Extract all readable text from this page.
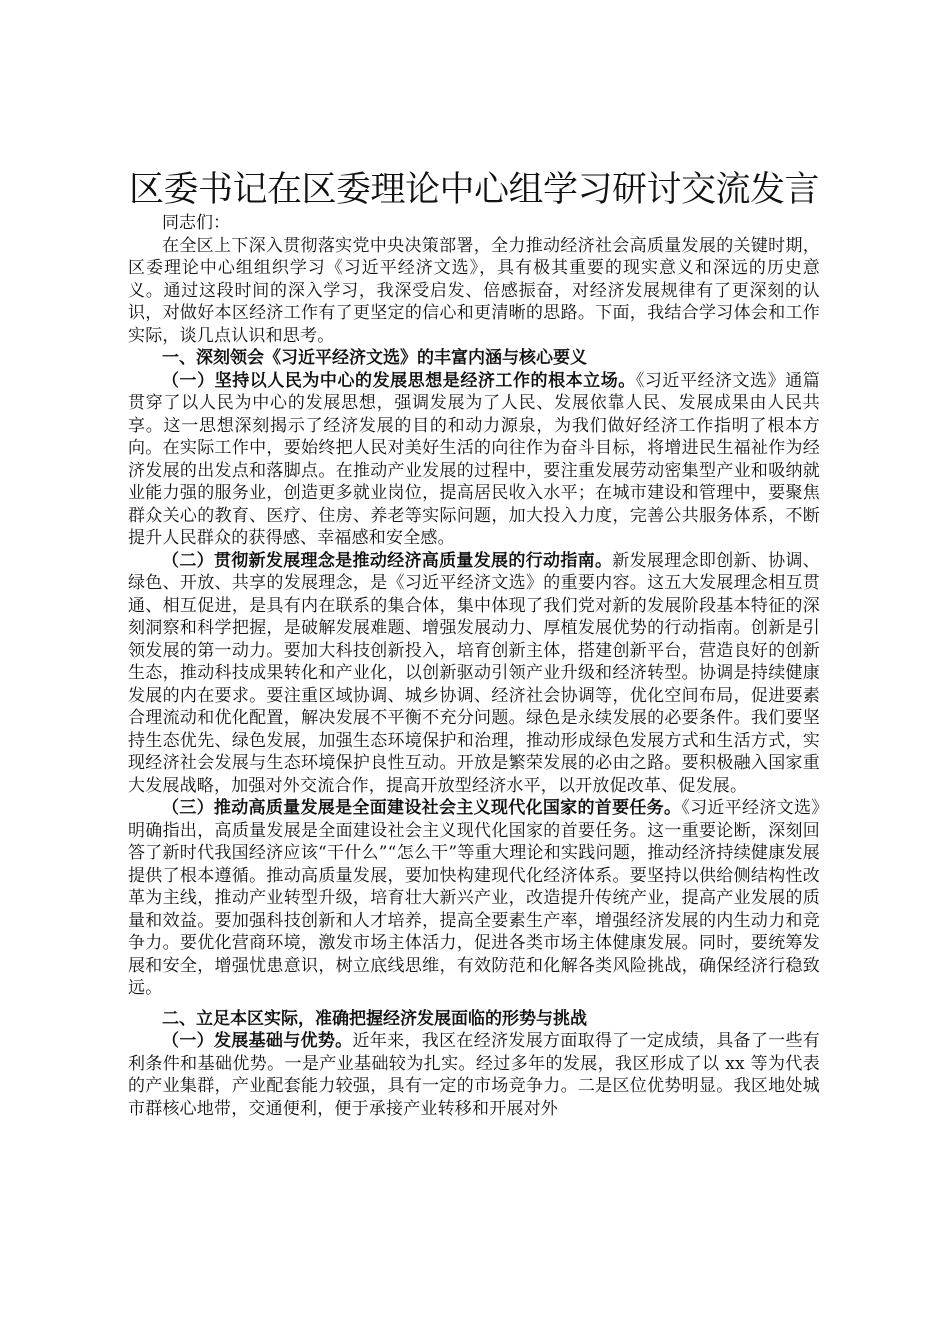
区委书记在区委理论中心组学习研讨交流发言

同志们：

在全区上下深入贯彻落实党中央决策部署，全力推动经济社会高质量发展的关键时期，区委理论中心组组织学习《习近平经济文选》，具有极其重要的现实意义和深远的历史意义。通过这段时间的深入学习，我深受启发、倍感振奋，对经济发展规律有了更深刻的认识，对做好本区经济工作有了更坚定的信心和更清晰的思路。下面，我结合学习体会和工作实际，谈几点认识和思考。

一、深刻领会《习近平经济文选》的丰富内涵与核心要义

（一）坚持以人民为中心的发展思想是经济工作的根本立场。《习近平经济文选》通篇贯穿了以人民为中心的发展思想，强调发展为了人民、发展依靠人民、发展成果由人民共享。这一思想深刻揭示了经济发展的目的和动力源泉，为我们做好经济工作指明了根本方向。在实际工作中，要始终把人民对美好生活的向往作为奋斗目标，将增进民生福祉作为经济发展的出发点和落脚点。在推动产业发展的过程中，要注重发展劳动密集型产业和吸纳就业能力强的服务业，创造更多就业岗位，提高居民收入水平；在城市建设和管理中，要聚焦群众关心的教育、医疗、住房、养老等实际问题，加大投入力度，完善公共服务体系，不断提升人民群众的获得感、幸福感和安全感。

（二）贯彻新发展理念是推动经济高质量发展的行动指南。新发展理念即创新、协调、绿色、开放、共享的发展理念，是《习近平经济文选》的重要内容。这五大发展理念相互贯通、相互促进，是具有内在联系的集合体，集中体现了我们党对新的发展阶段基本特征的深刻洞察和科学把握，是破解发展难题、增强发展动力、厚植发展优势的行动指南。创新是引领发展的第一动力。要加大科技创新投入，培育创新主体，搭建创新平台，营造良好的创新生态，推动科技成果转化和产业化，以创新驱动引领产业升级和经济转型。协调是持续健康发展的内在要求。要注重区域协调、城乡协调、经济社会协调等，优化空间布局，促进要素合理流动和优化配置，解决发展不平衡不充分问题。绿色是永续发展的必要条件。我们要坚持生态优先、绿色发展，加强生态环境保护和治理，推动形成绿色发展方式和生活方式，实现经济社会发展与生态环境保护良性互动。开放是繁荣发展的必由之路。要积极融入国家重大发展战略，加强对外交流合作，提高开放型经济水平，以开放促改革、促发展。

（三）推动高质量发展是全面建设社会主义现代化国家的首要任务。《习近平经济文选》明确指出，高质量发展是全面建设社会主义现代化国家的首要任务。这一重要论断，深刻回答了新时代我国经济应该“干什么”“怎么干”等重大理论和实践问题，推动经济持续健康发展提供了根本遵循。推动高质量发展，要加快构建现代化经济体系。要坚持以供给侧结构性改革为主线，推动产业转型升级，培育壮大新兴产业，改造提升传统产业，提高产业发展的质量和效益。要加强科技创新和人才培养，提高全要素生产率，增强经济发展的内生动力和竞争力。要优化营商环境，激发市场主体活力，促进各类市场主体健康发展。同时，要统筹发展和安全，增强忧患意识，树立底线思维，有效防范和化解各类风险挑战，确保经济行稳致远。

二、立足本区实际，准确把握经济发展面临的形势与挑战

（一）发展基础与优势。近年来，我区在经济发展方面取得了一定成绩，具备了一些有利条件和基础优势。一是产业基础较为扎实。经过多年的发展，我区形成了以 xx 等为代表的产业集群，产业配套能力较强，具有一定的市场竞争力。二是区位优势明显。我区地处城市群核心地带，交通便利，便于承接产业转移和开展对外
